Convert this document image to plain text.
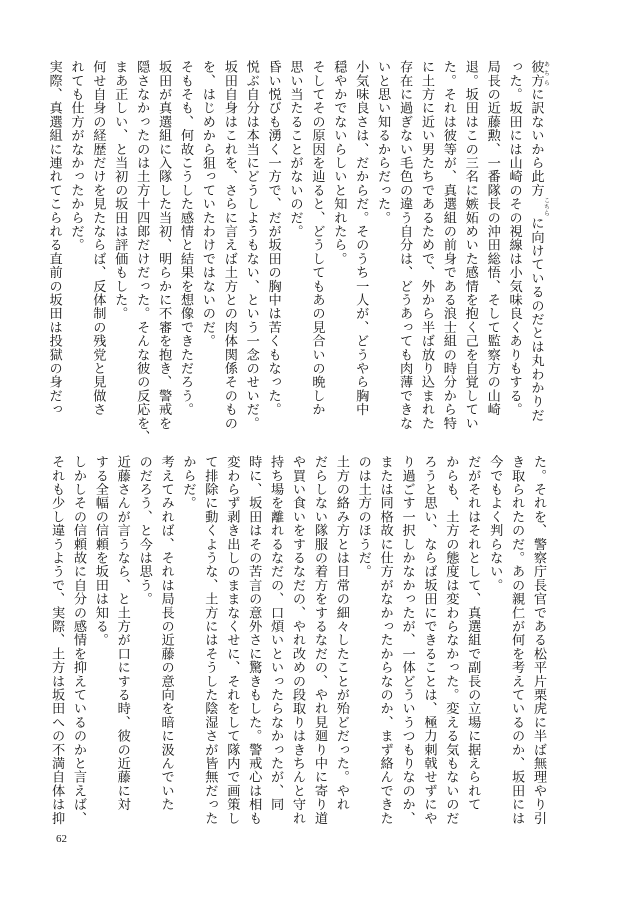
彼方 あちらに訳ないから此方こちらに向けているのだとは丸わかりだ
った。坂田には山崎のその視線は小気味良くありもする。
局長の近藤勲、一番隊長の沖田総悟、そして監察方の山崎
退。坂田はこの三名に嫉妬めいた感情を抱く己を自覚してい
た。それは彼等が、真選組の前身である浪士組の時分から特
に土方に近い男たちであるためで、外から半ば放り込まれた
存在に過ぎない毛色の違う自分は、どうあっても肉薄できな
いと思い知るからだった。
小気味良さは、だからだ。そのうち一人が、どうやら胸中
穏やかでないらしいと知れたら。
そしてその原因を辿ると、どうしてもあの見合いの晩しか
思い当たることがないのだ。
昏い悦びも湧く一方で、だが坂田の胸中は苦くもなった。
悦ぶ自分は本当にどうしようもない、という一念のせいだ。
坂田自身はこれを、さらに言えば土方との肉体関係そのもの
を、はじめから狙っていたわけではないのだ。
そもそも、何故こうした感情と結果を想像できただろう。
坂田が真選組に入隊した当初、明らかに不審を抱き、警戒を
隠さなかったのは土方十四郎だけだった。そんな彼の反応を、
まあ正しい、と当初の坂田は評価もした。
何せ自身の経歴だけを見たならば、反体制の残党と見做さ
れても仕方がなかったからだ。
実際、真選組に連れてこられる直前の坂田は投獄の身だっ
た。それを、警察庁長官である松平片栗虎に半ば無理やり引
き取られたのだ。あの親仁が何を考えているのか、坂田には
今でもよく判らない。
だがそれはそれとして、真選組で副長の立場に据えられて
からも、土方の態度は変わらなかった。変える気もないのだ
ろうと思い、ならば坂田にできることは、極力刺戟せずにや
り過ごす一択しかなかったが、一体どういうつもりなのか、
または同格故に仕方がなかったからなのか、まず絡んできた
のは土方のほうだ。
土方の絡み方とは日常の細々したことが殆どだった。やれ
だらしない隊服の着方をするなだの、やれ見廻り中に寄り道
や買い食いをするなだの、やれ改めの段取りはきちんと守れ
持ち場を離れるなだの、口煩いといったらなかったが、同
時に、坂田はその苦言の意外さに驚きもした。警戒心は相も
変わらず剥き出しのままなくせに、それをして隊内で画策し
て排除に動くような、土方にはそうした陰湿さが皆無だった
からだ。
考えてみれば、それは局長の近藤の意向を暗に汲んでいた
のだろう、と今は思う。
近藤さんが言うなら、と土方が口にする時、彼の近藤に対
する全幅の信頼を坂田は知る。
しかしその信頼故に自分の感情を抑えているのかと言えば、
それも少し違うようで、実際、土方は坂田への不満自体は抑
62
